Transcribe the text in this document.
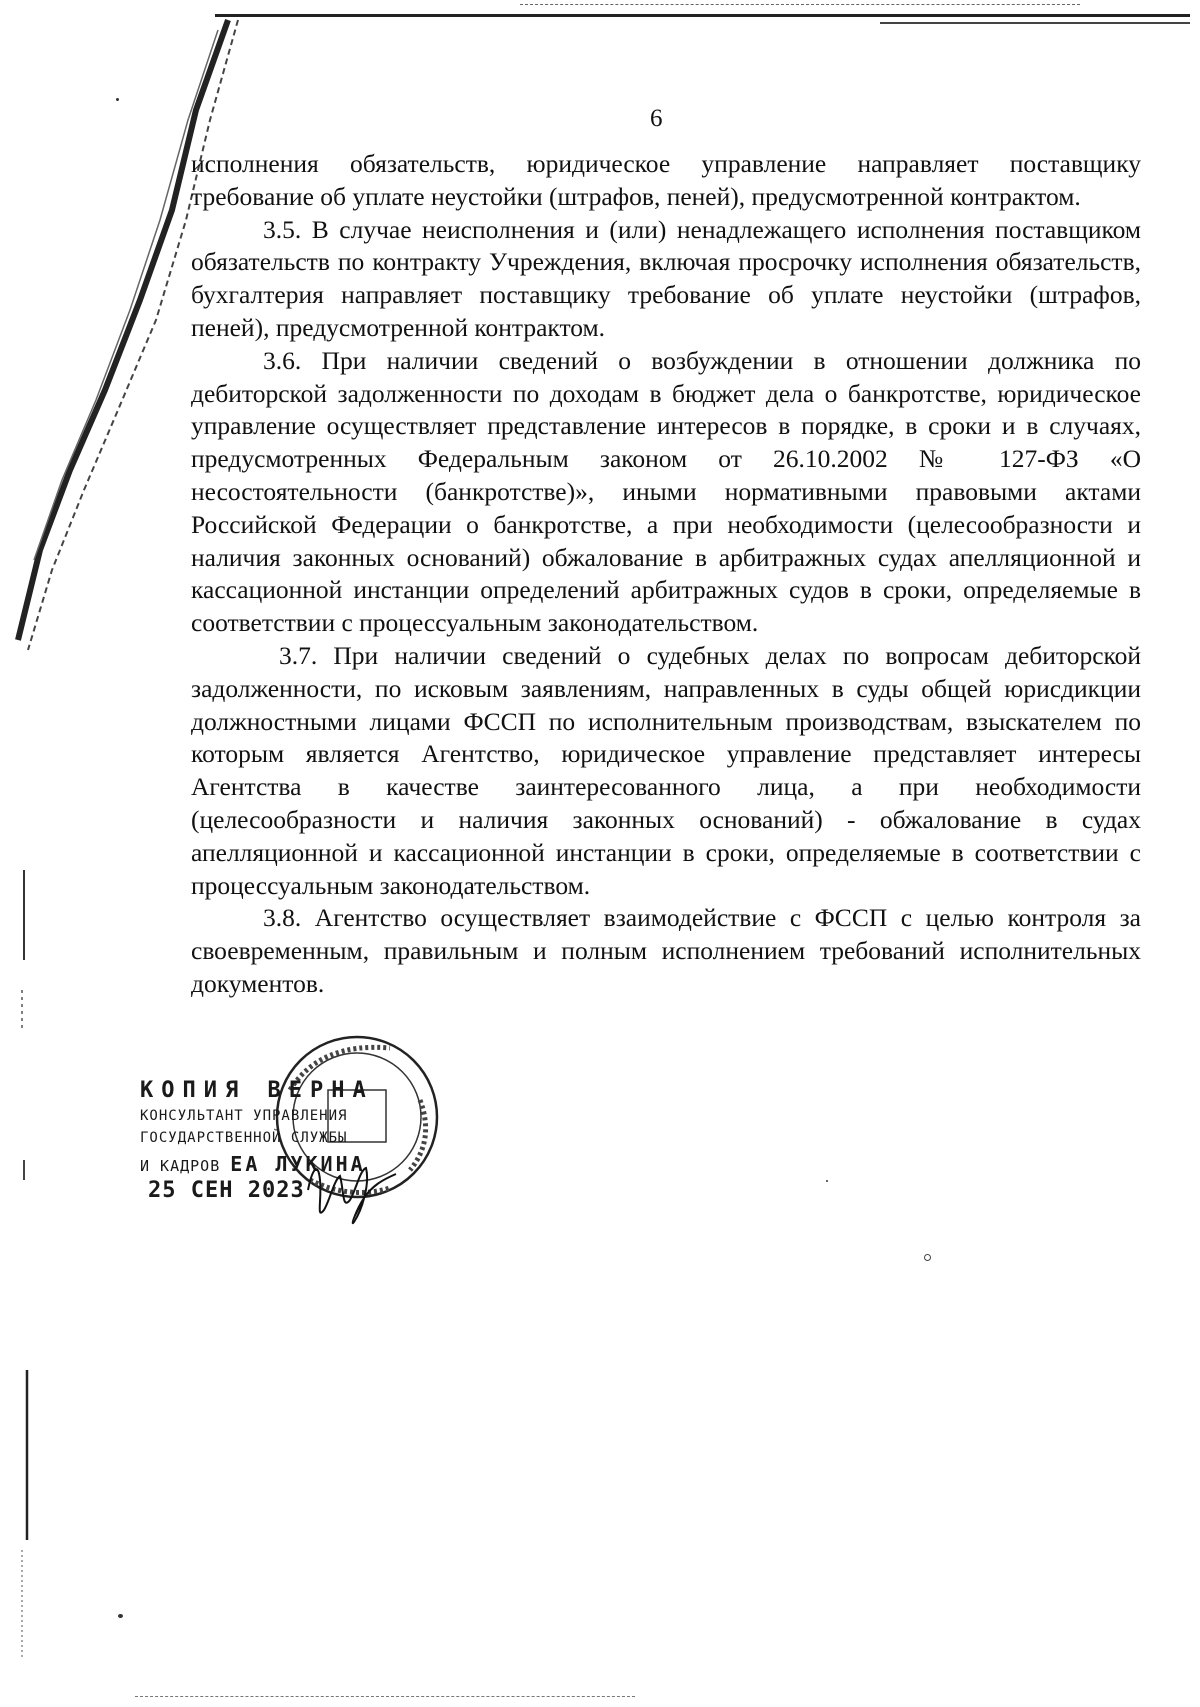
6

исполнения обязательств, юридическое управление направляет поставщику требование об уплате неустойки (штрафов, пеней), предусмотренной контрактом.

3.5. В случае неисполнения и (или) ненадлежащего исполнения поставщиком обязательств по контракту Учреждения, включая просрочку исполнения обязательств, бухгалтерия направляет поставщику требование об уплате неустойки (штрафов, пеней), предусмотренной контрактом.

3.6. При наличии сведений о возбуждении в отношении должника по дебиторской задолженности по доходам в бюджет дела о банкротстве, юридическое управление осуществляет представление интересов в порядке, в сроки и в случаях, предусмотренных Федеральным законом от 26.10.2002 № 127-ФЗ «О несостоятельности (банкротстве)», иными нормативными правовыми актами Российской Федерации о банкротстве, а при необходимости (целесообразности и наличия законных оснований) обжалование в арбитражных судах апелляционной и кассационной инстанции определений арбитражных судов в сроки, определяемые в соответствии с процессуальным законодательством.

3.7. При наличии сведений о судебных делах по вопросам дебиторской задолженности, по исковым заявлениям, направленных в суды общей юрисдикции должностными лицами ФССП по исполнительным производствам, взыскателем по которым является Агентство, юридическое управление представляет интересы Агентства в качестве заинтересованного лица, а при необходимости (целесообразности и наличия законных оснований) - обжалование в судах апелляционной и кассационной инстанции в сроки, определяемые в соответствии с процессуальным законодательством.

3.8. Агентство осуществляет взаимодействие с ФССП с целью контроля за своевременным, правильным и полным исполнением требований исполнительных документов.

КОПИЯ ВЕРНА
КОНСУЛЬТАНТ УПРАВЛЕНИЯ
ГОСУДАРСТВЕННОЙ СЛУЖБЫ
И КАДРОВ ЕА ЛУКИНА
25 СЕН 2023
